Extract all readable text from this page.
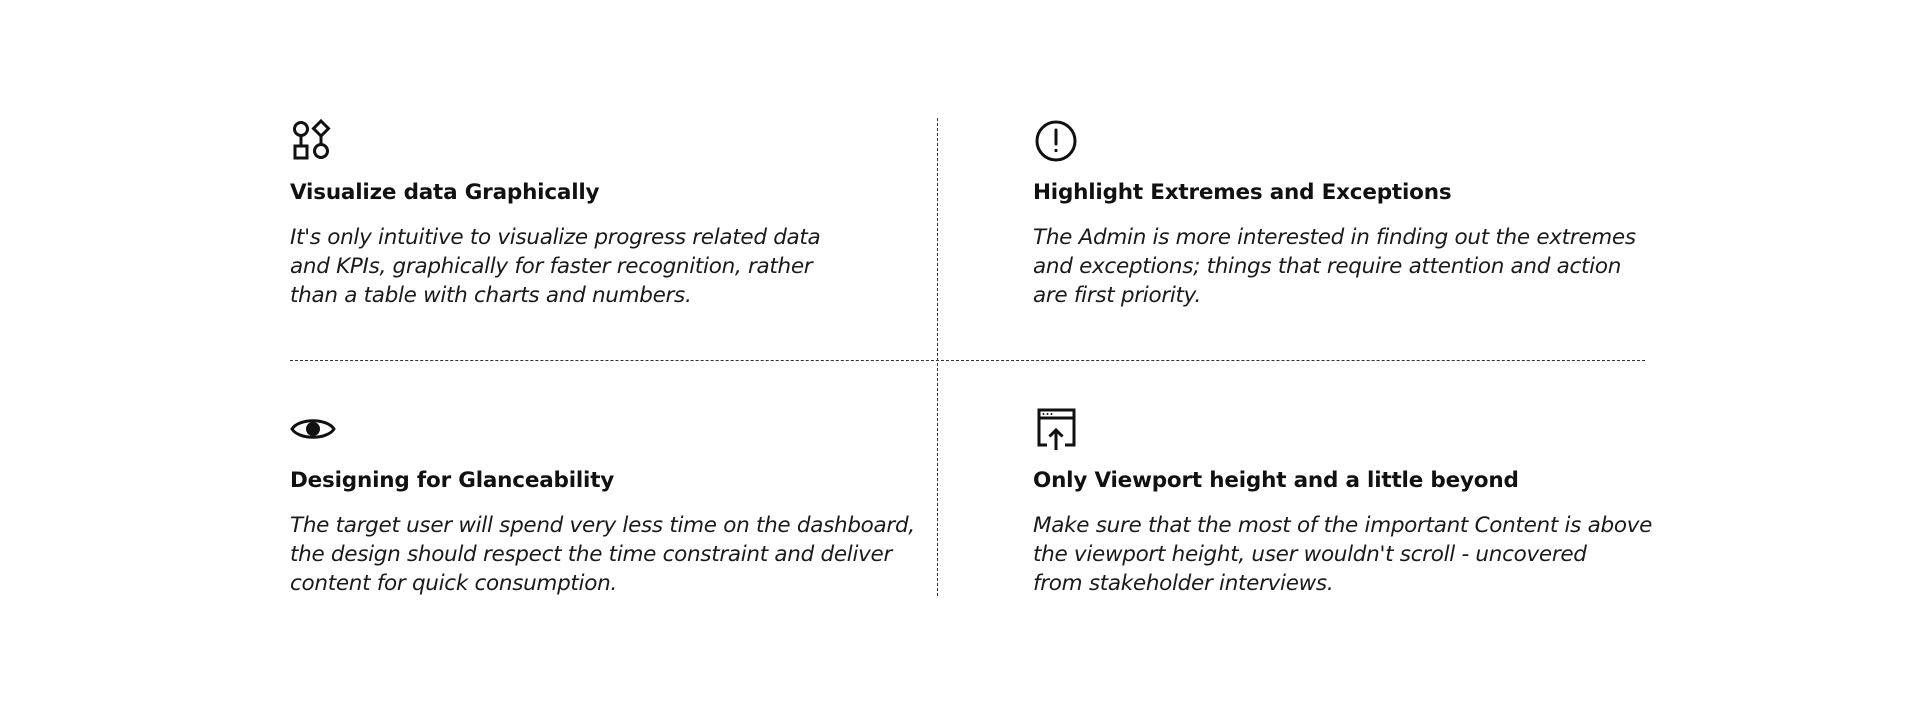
Visualize data Graphically

It's only intuitive to visualize progress related data
and KPIs, graphically for faster recognition, rather
than a table with charts and numbers.

Highlight Extremes and Exceptions

The Admin is more interested in finding out the extremes
and exceptions; things that require attention and action
are first priority.

Designing for Glanceability

The target user will spend very less time on the dashboard,
the design should respect the time constraint and deliver
content for quick consumption.

Only Viewport height and a little beyond

Make sure that the most of the important Content is above
the viewport height, user wouldn't scroll - uncovered
from stakeholder interviews.
